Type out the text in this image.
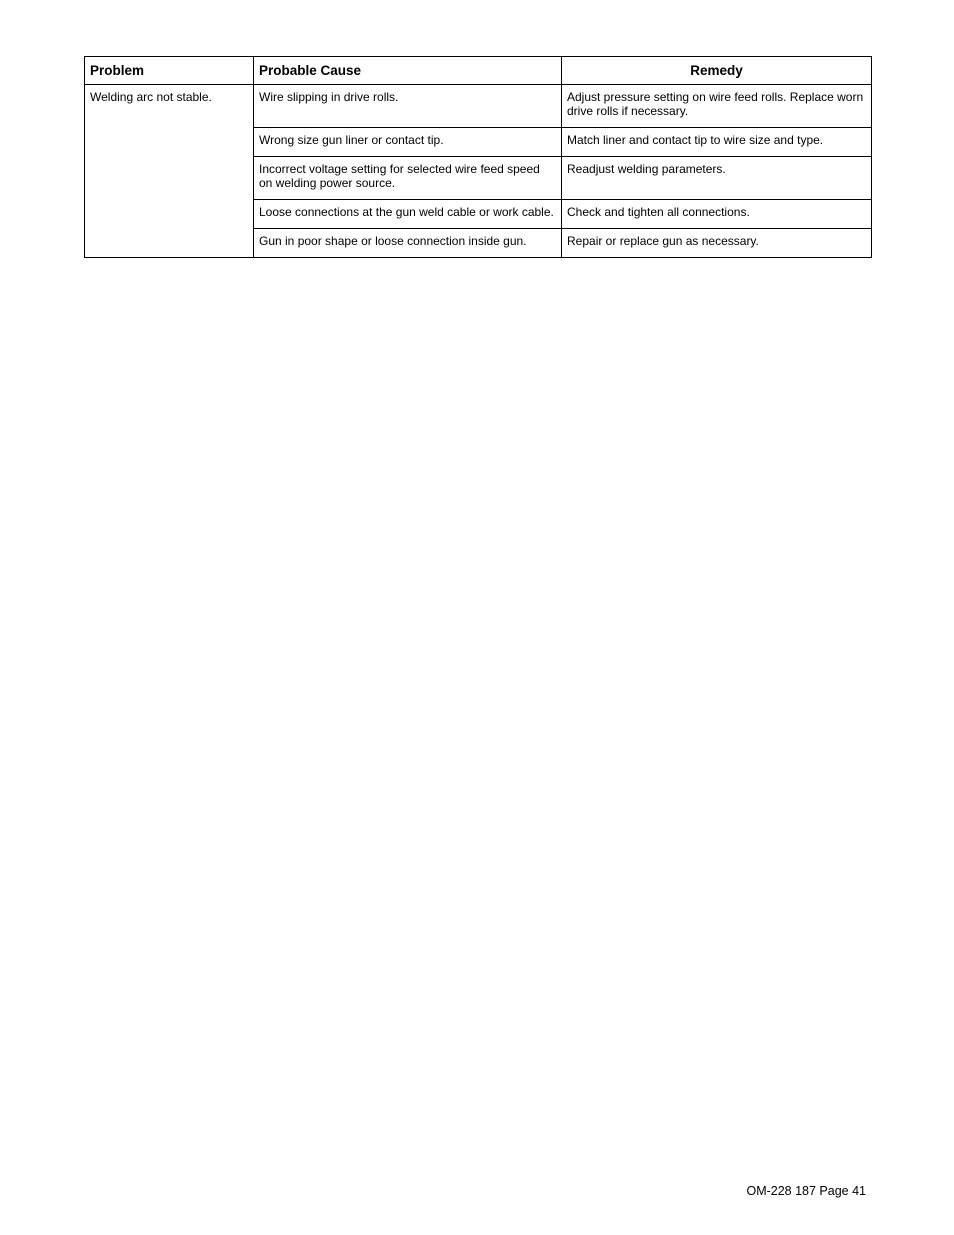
Problem	Probable Cause	Remedy
Welding arc not stable.	Wire slipping in drive rolls.	Adjust pressure setting on wire feed rolls. Replace worn drive rolls if necessary.
	Wrong size gun liner or contact tip.	Match liner and contact tip to wire size and type.
	Incorrect voltage setting for selected wire feed speed on welding power source.	Readjust welding parameters.
	Loose connections at the gun weld cable or work cable.	Check and tighten all connections.
	Gun in poor shape or loose connection inside gun.	Repair or replace gun as necessary.
OM-228 187 Page 41
